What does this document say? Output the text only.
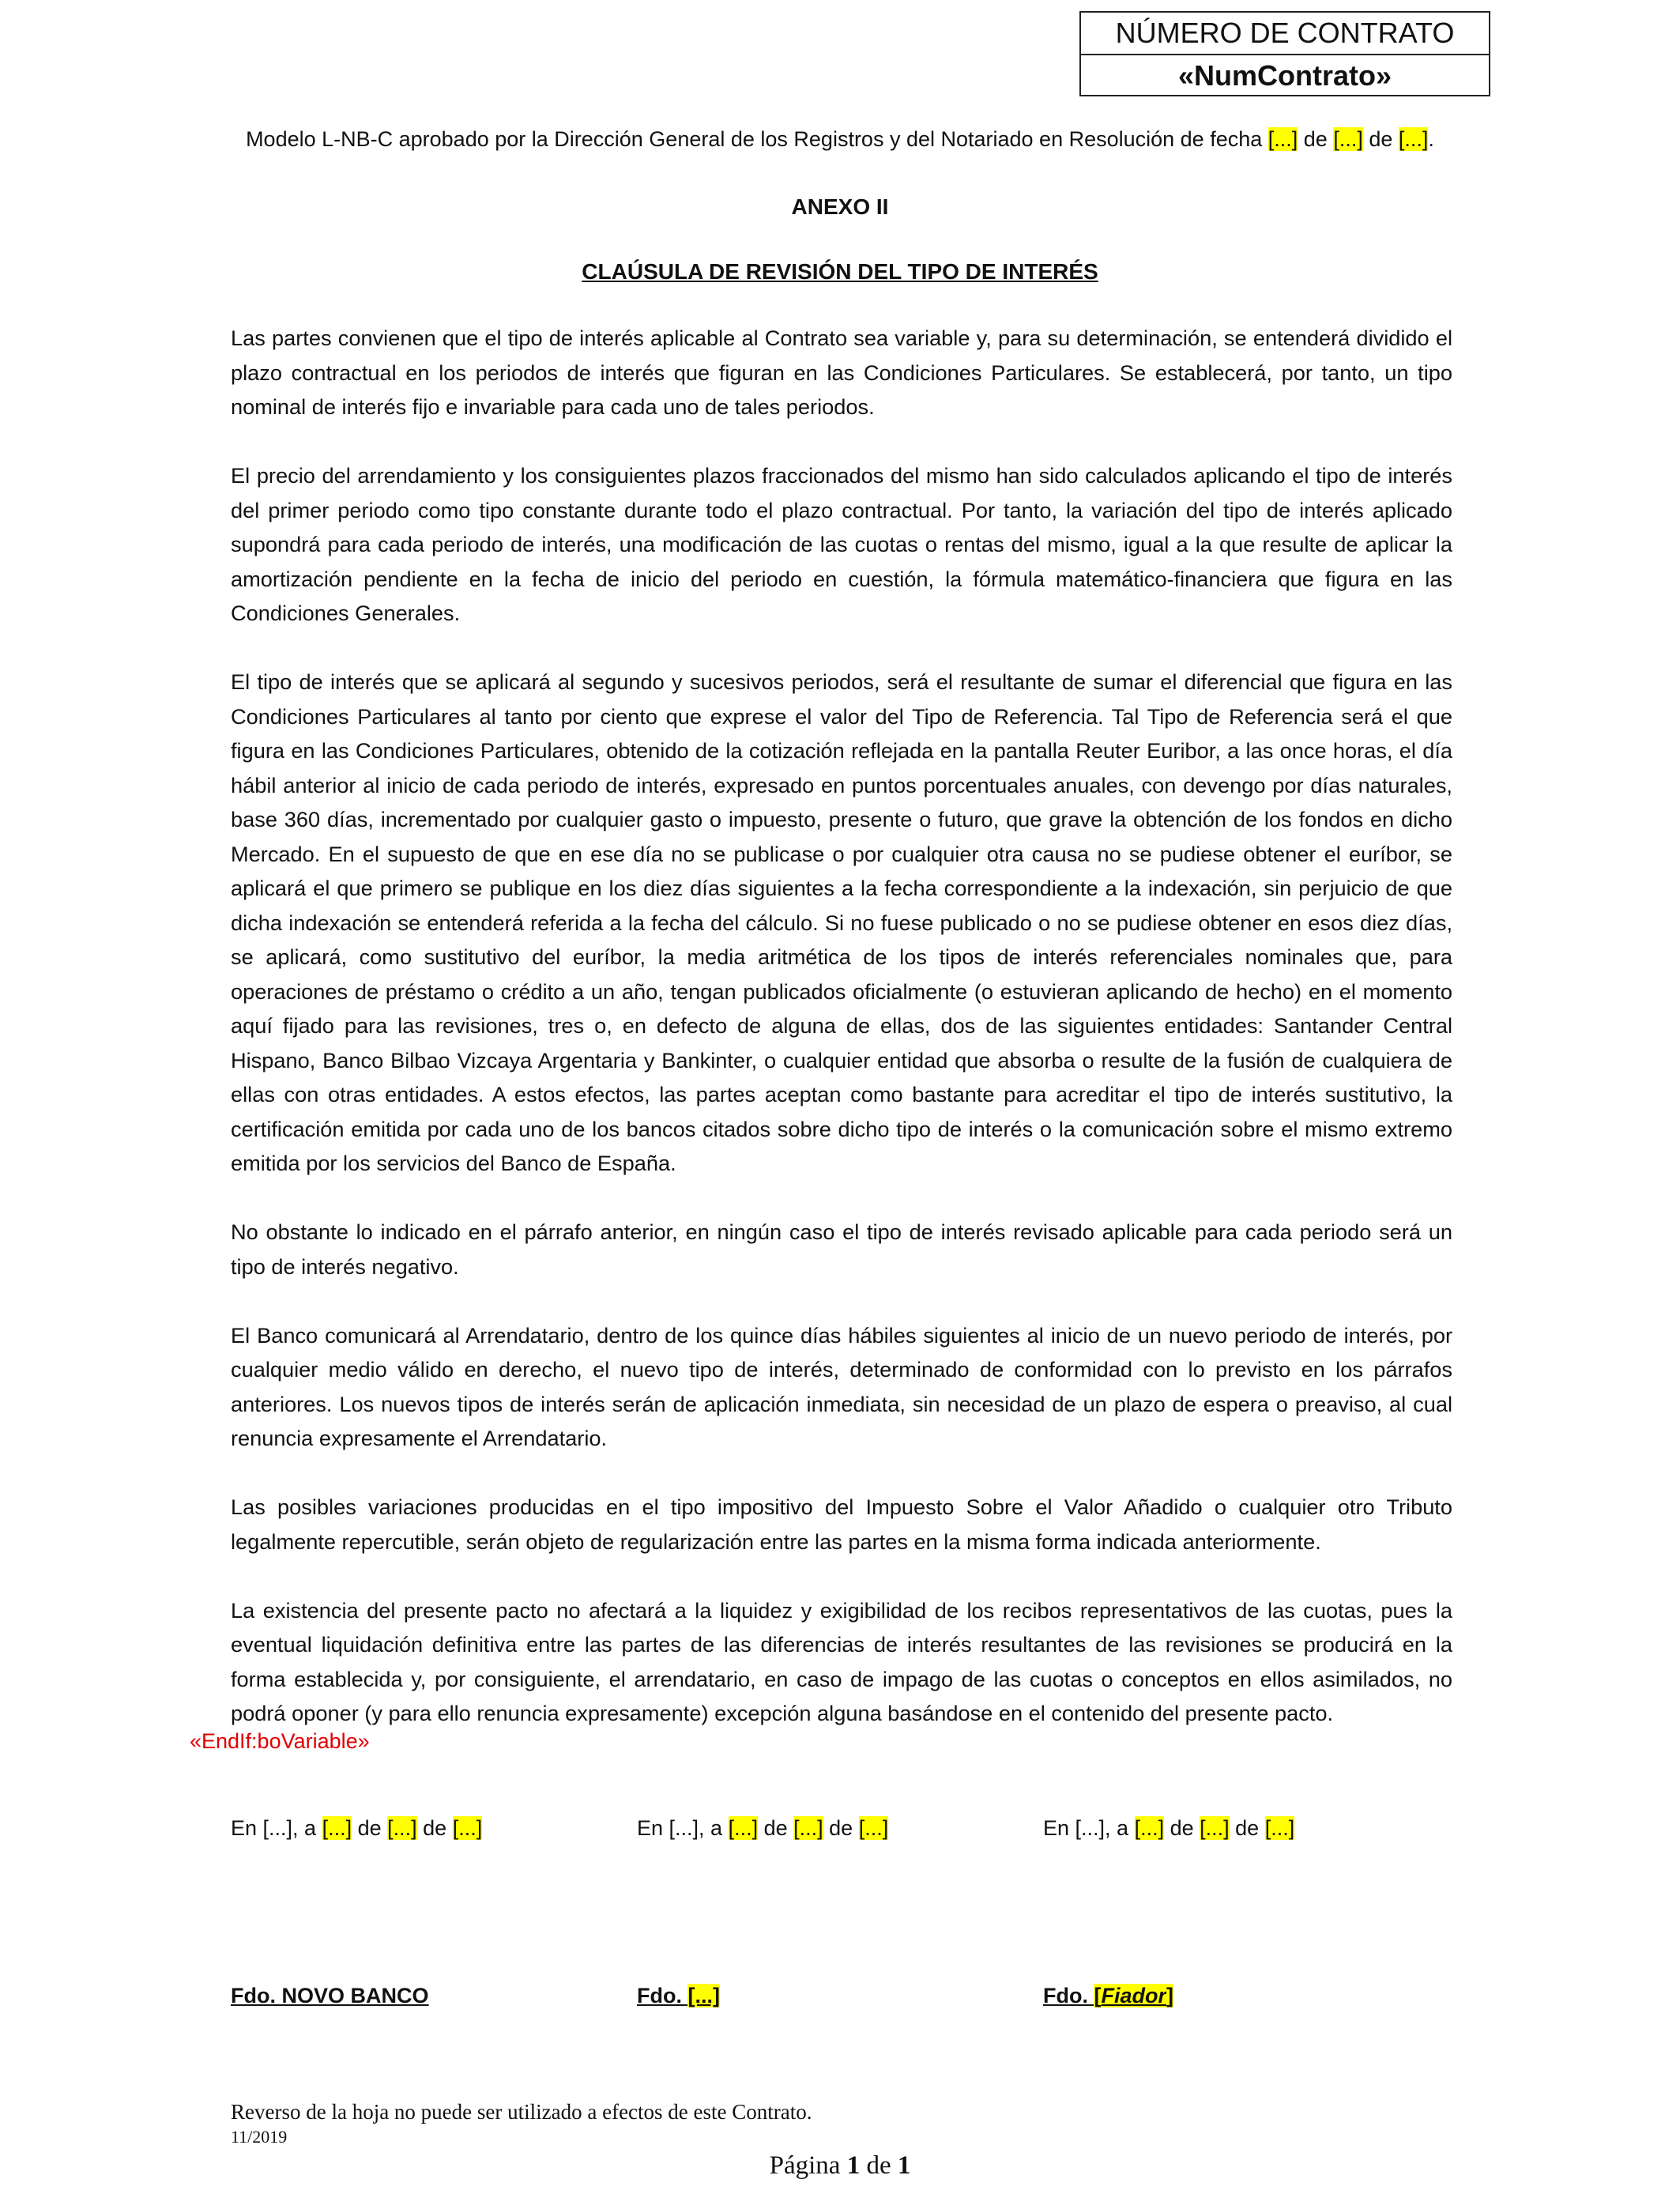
NÚMERO DE CONTRATO
«NumContrato»
Modelo L-NB-C aprobado por la Dirección General de los Registros y del Notariado en Resolución de fecha [...] de [...] de [...].
ANEXO II
CLAÚSULA DE REVISIÓN DEL TIPO DE INTERÉS

Las partes convienen que el tipo de interés aplicable al Contrato sea variable y, para su determinación, se entenderá dividido el plazo contractual en los periodos de interés que figuran en las Condiciones Particulares. Se establecerá, por tanto, un tipo nominal de interés fijo e invariable para cada uno de tales periodos.

El precio del arrendamiento y los consiguientes plazos fraccionados del mismo han sido calculados aplicando el tipo de interés del primer periodo como tipo constante durante todo el plazo contractual. Por tanto, la variación del tipo de interés aplicado supondrá para cada periodo de interés, una modificación de las cuotas o rentas del mismo, igual a la que resulte de aplicar la amortización pendiente en la fecha de inicio del periodo en cuestión, la fórmula matemático-financiera que figura en las Condiciones Generales.

El tipo de interés que se aplicará al segundo y sucesivos periodos, será el resultante de sumar el diferencial que figura en las Condiciones Particulares al tanto por ciento que exprese el valor del Tipo de Referencia. Tal Tipo de Referencia será el que figura en las Condiciones Particulares, obtenido de la cotización reflejada en la pantalla Reuter Euribor, a las once horas, el día hábil anterior al inicio de cada periodo de interés, expresado en puntos porcentuales anuales, con devengo por días naturales, base 360 días, incrementado por cualquier gasto o impuesto, presente o futuro, que grave la obtención de los fondos en dicho Mercado. En el supuesto de que en ese día no se publicase o por cualquier otra causa no se pudiese obtener el euríbor, se aplicará el que primero se publique en los diez días siguientes a la fecha correspondiente a la indexación, sin perjuicio de que dicha indexación se entenderá referida a la fecha del cálculo. Si no fuese publicado o no se pudiese obtener en esos diez días, se aplicará, como sustitutivo del euríbor, la media aritmética de los tipos de interés referenciales nominales que, para operaciones de préstamo o crédito a un año, tengan publicados oficialmente (o estuvieran aplicando de hecho) en el momento aquí fijado para las revisiones, tres o, en defecto de alguna de ellas, dos de las siguientes entidades: Santander Central Hispano, Banco Bilbao Vizcaya Argentaria y Bankinter, o cualquier entidad que absorba o resulte de la fusión de cualquiera de ellas con otras entidades. A estos efectos, las partes aceptan como bastante para acreditar el tipo de interés sustitutivo, la certificación emitida por cada uno de los bancos citados sobre dicho tipo de interés o la comunicación sobre el mismo extremo emitida por los servicios del Banco de España.

No obstante lo indicado en el párrafo anterior, en ningún caso el tipo de interés revisado aplicable para cada periodo será un tipo de interés negativo.

El Banco comunicará al Arrendatario, dentro de los quince días hábiles siguientes al inicio de un nuevo periodo de interés, por cualquier medio válido en derecho, el nuevo tipo de interés, determinado de conformidad con lo previsto en los párrafos anteriores. Los nuevos tipos de interés serán de aplicación inmediata, sin necesidad de un plazo de espera o preaviso, al cual renuncia expresamente el Arrendatario.

Las posibles variaciones producidas en el tipo impositivo del Impuesto Sobre el Valor Añadido o cualquier otro Tributo legalmente repercutible, serán objeto de regularización entre las partes en la misma forma indicada anteriormente.

La existencia del presente pacto no afectará a la liquidez y exigibilidad de los recibos representativos de las cuotas, pues la eventual liquidación definitiva entre las partes de las diferencias de interés resultantes de las revisiones se producirá en la forma establecida y, por consiguiente, el arrendatario, en caso de impago de las cuotas o conceptos en ellos asimilados, no podrá oponer (y para ello renuncia expresamente) excepción alguna basándose en el contenido del presente pacto.

«EndIf:boVariable»
En [...], a [...] de [...] de [...]	En [...], a [...] de [...] de [...]	En [...], a [...] de [...] de [...]
Fdo. NOVO BANCO	Fdo. [...]	Fdo. [Fiador]
Reverso de la hoja no puede ser utilizado a efectos de este Contrato.
11/2019
Página 1 de 1
